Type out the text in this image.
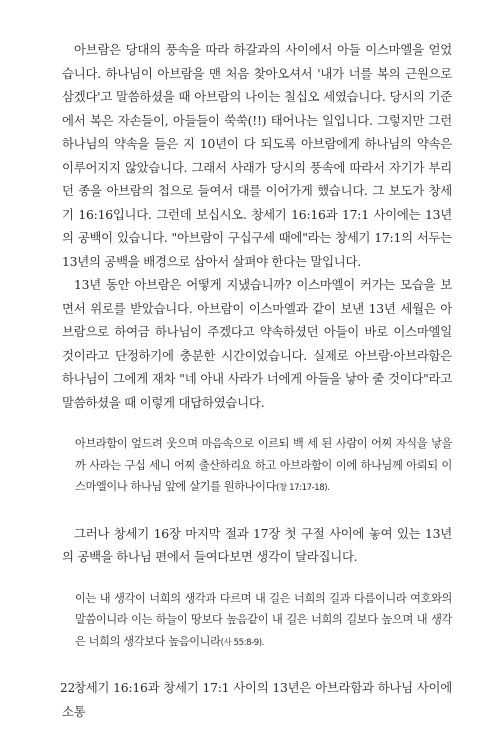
아브람은 당대의 풍속을 따라 하갈과의 사이에서 아들 이스마엘을 얻었습니다. 하나님이 아브람을 맨 처음 찾아오셔서 '내가 너를 복의 근원으로 삼겠다'고 말씀하셨을 때 아브람의 나이는 칠십오 세였습니다. 당시의 기준에서 복은 자손들이, 아들들이 쑥쑥(!!) 태어나는 일입니다. 그렇지만 그런 하나님의 약속을 들은 지 10년이 다 되도록 아브람에게 하나님의 약속은 이루어지지 않았습니다. 그래서 사래가 당시의 풍속에 따라서 자기가 부리던 종을 아브람의 첩으로 들여서 대를 이어가게 했습니다. 그 보도가 창세기 16:16입니다. 그런데 보십시오. 창세기 16:16과 17:1 사이에는 13년의 공백이 있습니다. "아브람이 구십구세 때에"라는 창세기 17:1의 서두는 13년의 공백을 배경으로 삼아서 살펴야 한다는 말입니다.

13년 동안 아브람은 어떻게 지냈습니까? 이스마엘이 커가는 모습을 보면서 위로를 받았습니다. 아브람이 이스마엘과 같이 보낸 13년 세월은 아브람으로 하여금 하나님이 주겠다고 약속하셨던 아들이 바로 이스마엘일 것이라고 단정하기에 충분한 시간이었습니다. 실제로 아브람·아브라함은 하나님이 그에게 재차 "네 아내 사라가 너에게 아들을 낳아 줄 것이다"라고 말씀하셨을 때 이렇게 대답하였습니다.

아브라함이 엎드려 웃으며 마음속으로 이르되 백 세 된 사람이 어찌 자식을 낳을까 사라는 구십 세니 어찌 출산하리요 하고 아브라함이 이에 하나님께 아뢰되 이스마엘이나 하나님 앞에 살기를 원하나이다(창 17:17-18).

그러나 창세기 16장 마지막 절과 17장 첫 구절 사이에 놓여 있는 13년의 공백을 하나님 편에서 들여다보면 생각이 달라집니다.

이는 내 생각이 너희의 생각과 다르며 내 길은 너희의 길과 다름이니라 여호와의 말씀이니라 이는 하늘이 땅보다 높음같이 내 길은 너희의 길보다 높으며 내 생각은 너희의 생각보다 높음이니라(사 55:8-9).

창세기 16:16과 창세기 17:1 사이의 13년은 아브라함과 하나님 사이에 소통

22
